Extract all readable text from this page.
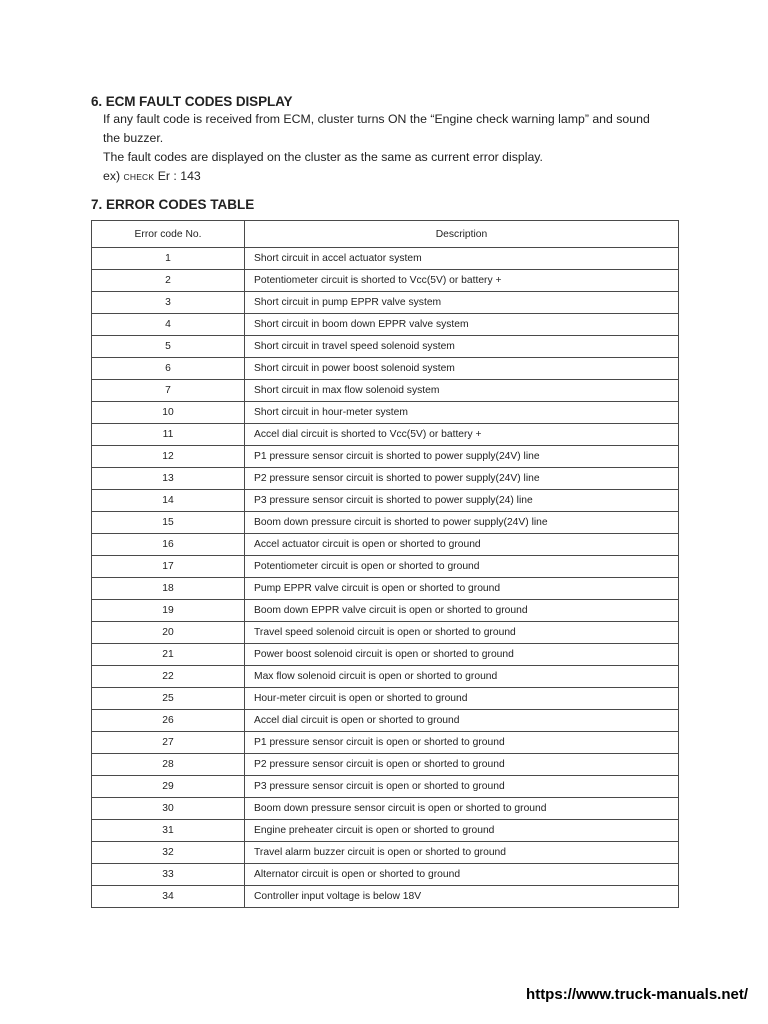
6. ECM FAULT CODES DISPLAY

If any fault code is received from ECM, cluster turns ON the “Engine check warning lamp” and sound

the buzzer.

The fault codes are displayed on the cluster as the same as current error display.

ex) CHECK Er : 143
7. ERROR CODES TABLE
Error code No.	Description
1	Short circuit in accel actuator system
2	Potentiometer circuit is shorted to Vcc(5V) or battery +
3	Short circuit in pump EPPR valve system
4	Short circuit in boom down EPPR valve system
5	Short circuit in travel speed solenoid system
6	Short circuit in power boost solenoid system
7	Short circuit in max flow solenoid system
10	Short circuit in hour-meter system
11	Accel dial circuit is shorted to Vcc(5V) or battery +
12	P1 pressure sensor circuit is shorted to power supply(24V) line
13	P2 pressure sensor circuit is shorted to power supply(24V) line
14	P3 pressure sensor circuit is shorted to power supply(24) line
15	Boom down pressure circuit is shorted to power supply(24V) line
16	Accel actuator circuit is open or shorted to ground
17	Potentiometer circuit is open or shorted to ground
18	Pump EPPR valve circuit is open or shorted to ground
19	Boom down EPPR valve circuit is open or shorted to ground
20	Travel speed solenoid circuit is open or shorted to ground
21	Power boost solenoid circuit is open or shorted to ground
22	Max flow solenoid circuit is open or shorted to ground
25	Hour-meter circuit is open or shorted to ground
26	Accel dial circuit is open or shorted to ground
27	P1 pressure sensor circuit is open or shorted to ground
28	P2 pressure sensor circuit is open or shorted to ground
29	P3 pressure sensor circuit is open or shorted to ground
30	Boom down pressure sensor circuit is open or shorted to ground
31	Engine preheater circuit is open or shorted to ground
32	Travel alarm buzzer circuit is open or shorted to ground
33	Alternator circuit is open or shorted to ground
34	Controller input voltage is below 18V
https://www.truck-manuals.net/
